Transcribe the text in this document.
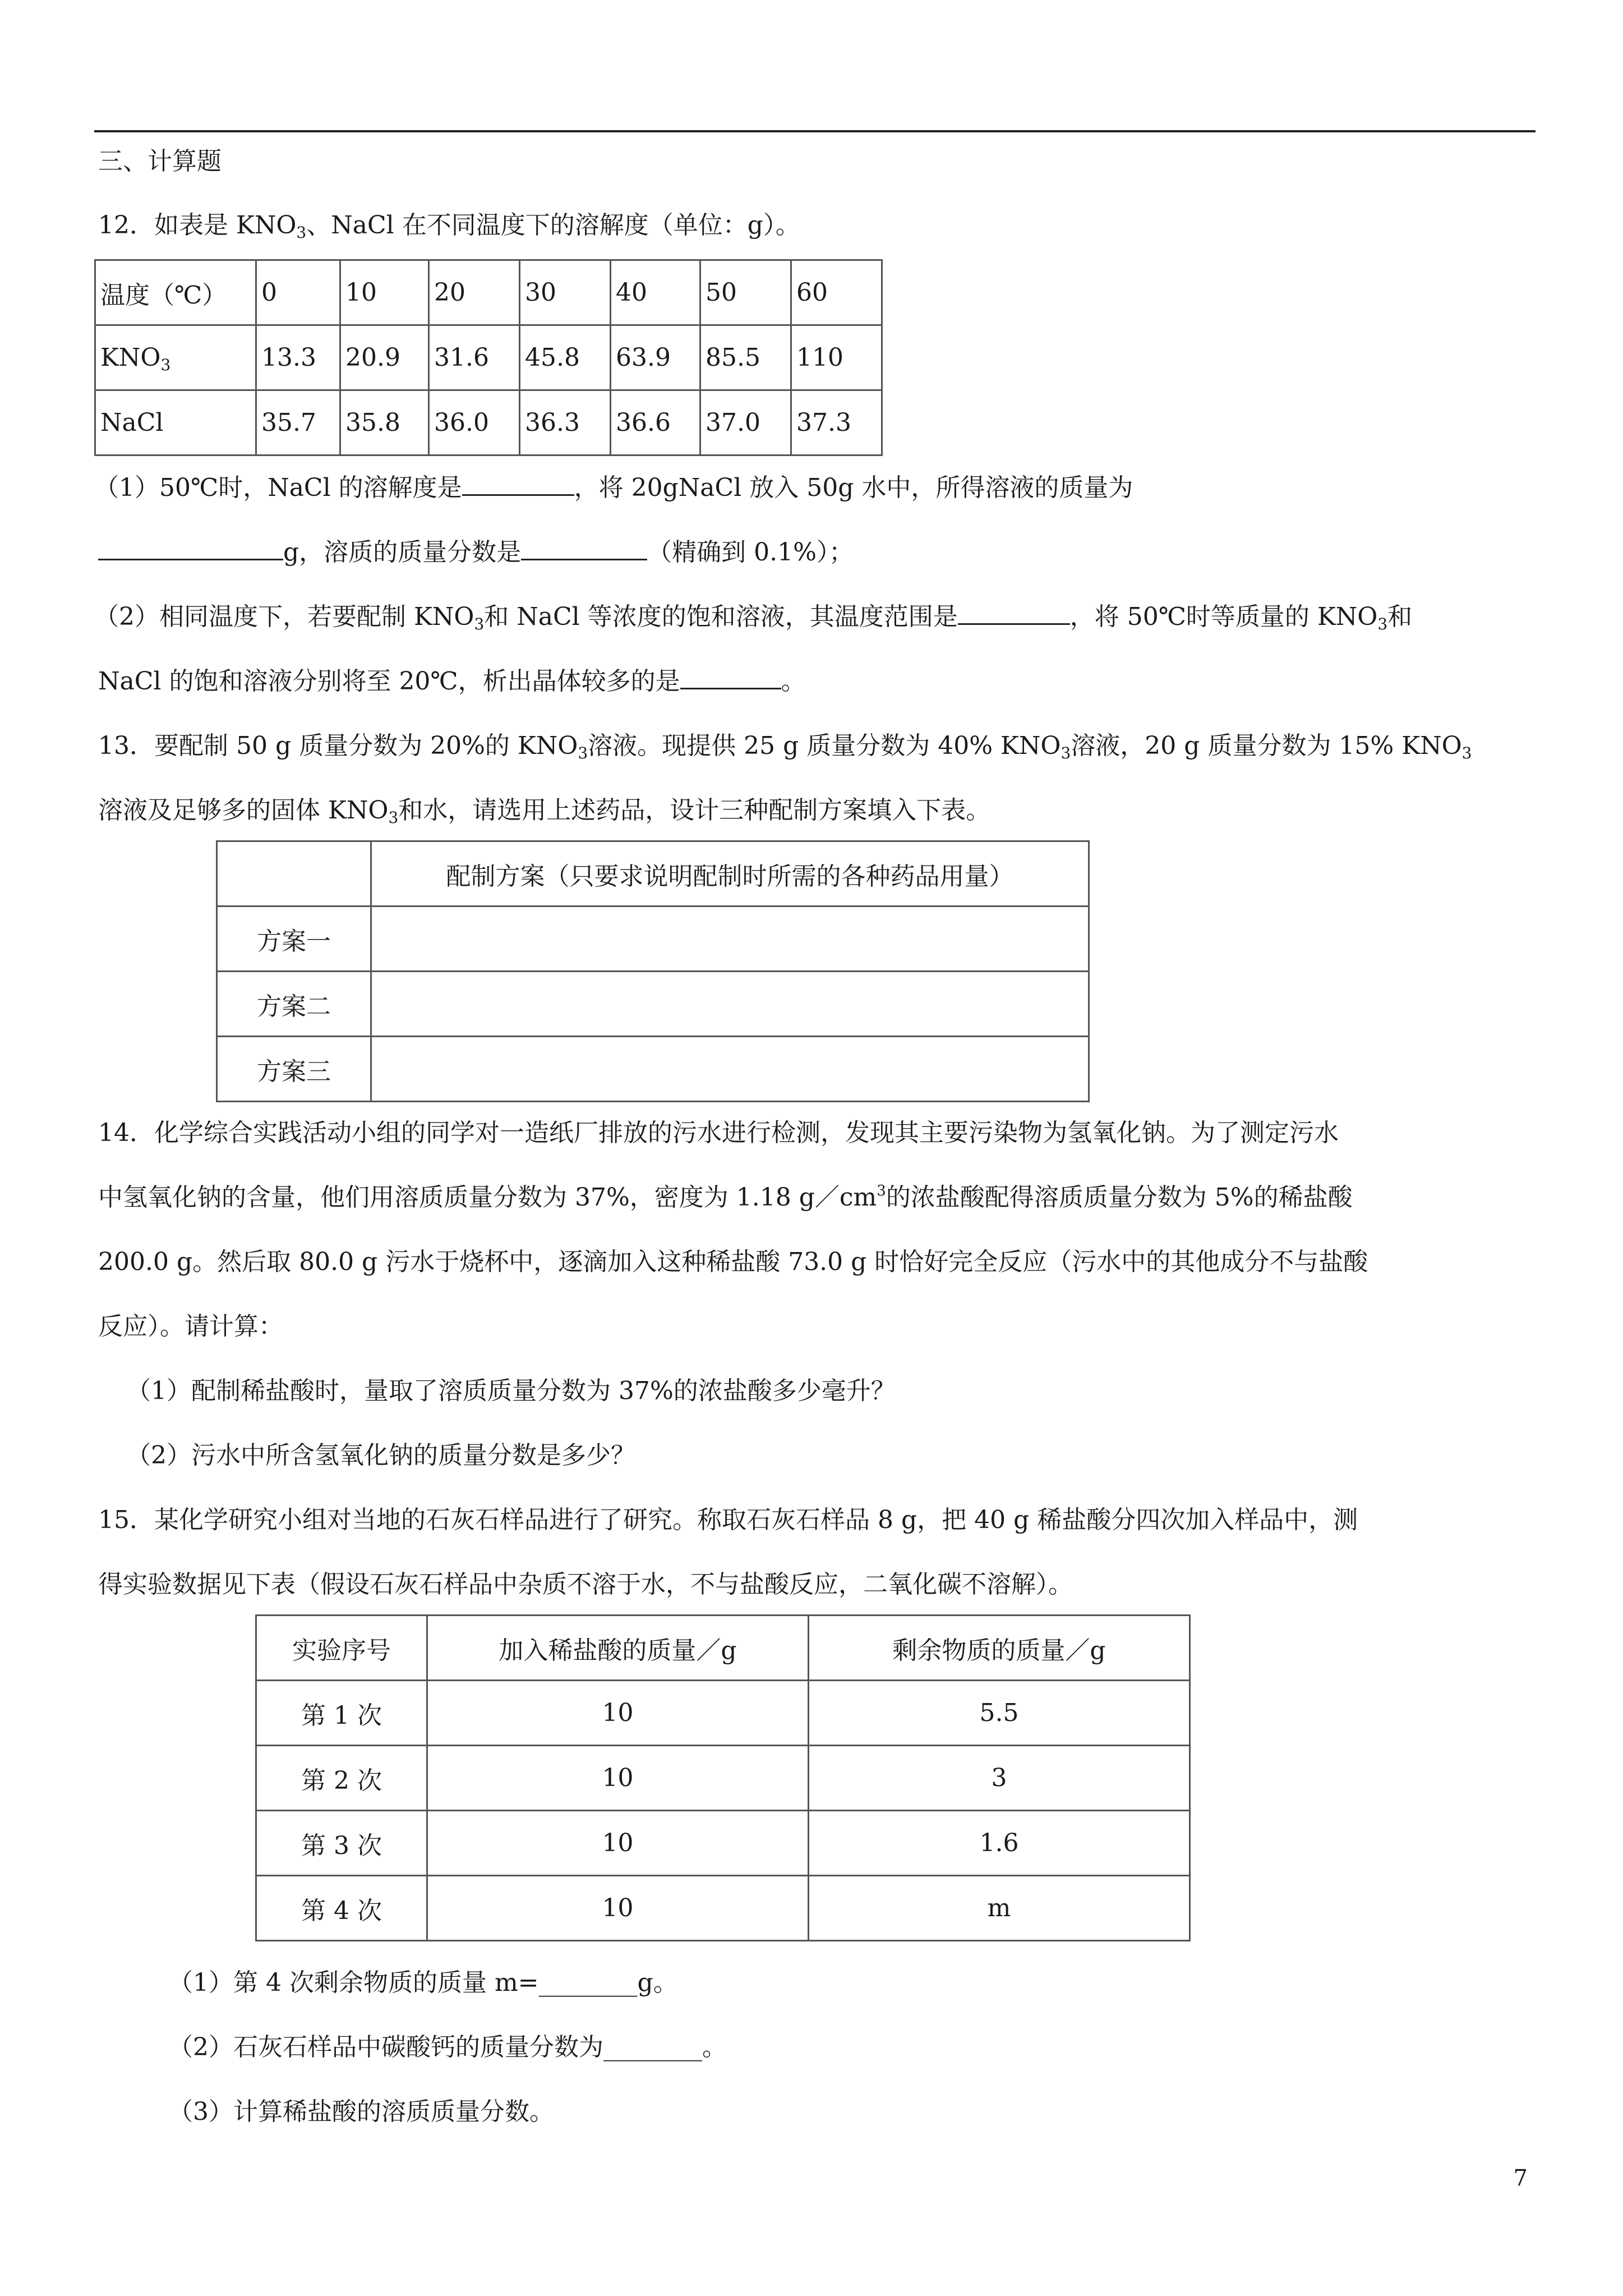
三、计算题
12．如表是 $KNO_3$、NaCl 在不同温度下的溶解度（单位：g）。
温度（℃）	0	10	20	30	40	50	60
$KNO_3$	13.3	20.9	31.6	45.8	63.9	85.5	110
NaCl	35.7	35.8	36.0	36.3	36.6	37.0	37.3
（1）50℃时，NaCl 的溶解度是	，将 20gNaCl 放入 50g 水中，所得溶液的质量为
g，溶质的质量分数是	（精确到 0.1%）；
（2）相同温度下，若要配制 $KNO_3$和 NaCl 等浓度的饱和溶液，其温度范围是	，将 50℃时等质量的 $KNO_3$和
NaCl 的饱和溶液分别将至 20℃，析出晶体较多的是	。
13．要配制 50 g 质量分数为 20%的 $KNO_3$溶液。现提供 25 g 质量分数为 40% $KNO_3$溶液，20 g 质量分数为 15% $KNO_3$
溶液及足够多的固体 $KNO_3$和水，请选用上述药品，设计三种配制方案填入下表。
	配制方案（只要求说明配制时所需的各种药品用量）
方案一	
方案二	
方案三	
14．化学综合实践活动小组的同学对一造纸厂排放的污水进行检测，发现其主要污染物为氢氧化钠。为了测定污水
中氢氧化钠的含量，他们用溶质质量分数为 37%，密度为 1.18 $g/cm^3$的浓盐酸配得溶质质量分数为 5%的稀盐酸
200.0 g。然后取 80.0 g 污水于烧杯中，逐滴加入这种稀盐酸 73.0 g 时恰好完全反应（污水中的其他成分不与盐酸
反应）。请计算：
（1）配制稀盐酸时，量取了溶质质量分数为 37%的浓盐酸多少毫升？
（2）污水中所含氢氧化钠的质量分数是多少？
15．某化学研究小组对当地的石灰石样品进行了研究。称取石灰石样品 8 g，把 40 g 稀盐酸分四次加入样品中，测
得实验数据见下表（假设石灰石样品中杂质不溶于水，不与盐酸反应，二氧化碳不溶解）。
实验序号	加入稀盐酸的质量／g	剩余物质的质量／g
第 1 次	10	5.5
第 2 次	10	3
第 3 次	10	1.6
第 4 次	10	m
（1）第 4 次剩余物质的质量 m=________g。
（2）石灰石样品中碳酸钙的质量分数为________。
（3）计算稀盐酸的溶质质量分数。
7
